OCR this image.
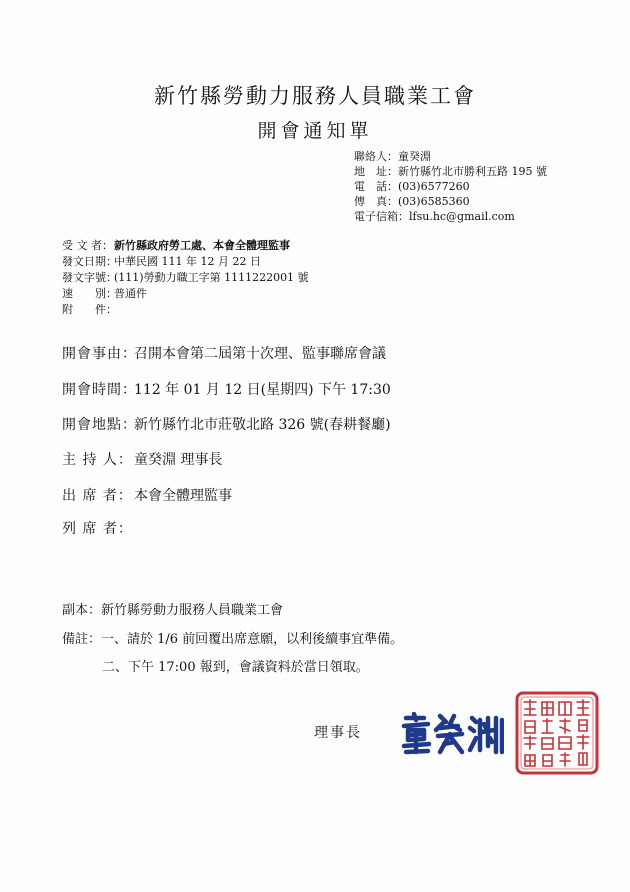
新竹縣勞動力服務人員職業工會
開會通知單
聯絡人：童癸淵
地　址：新竹縣竹北市勝利五路 195 號
電　話：(03)6577260
傳　真：(03)6585360
電子信箱：lfsu.hc@gmail.com
受 文 者：新竹縣政府勞工處、本會全體理監事
發文日期：中華民國 111 年 12 月 22 日
發文字號：(111)勞動力職工字第 1111222001 號
速　　別：普通件
附　　件：
開會事由：召開本會第二屆第十次理、監事聯席會議
開會時間：112 年 01 月 12 日(星期四) 下午 17:30
開會地點：新竹縣竹北市莊敬北路 326 號(春耕餐廳)
主 持 人：童癸淵 理事長
出 席 者：本會全體理監事
列 席 者：
副本：新竹縣勞動力服務人員職業工會
備註：一、請於 1/6 前回覆出席意願，以利後續事宜準備。
二、下午 17:00 報到，會議資料於當日領取。
理事長
